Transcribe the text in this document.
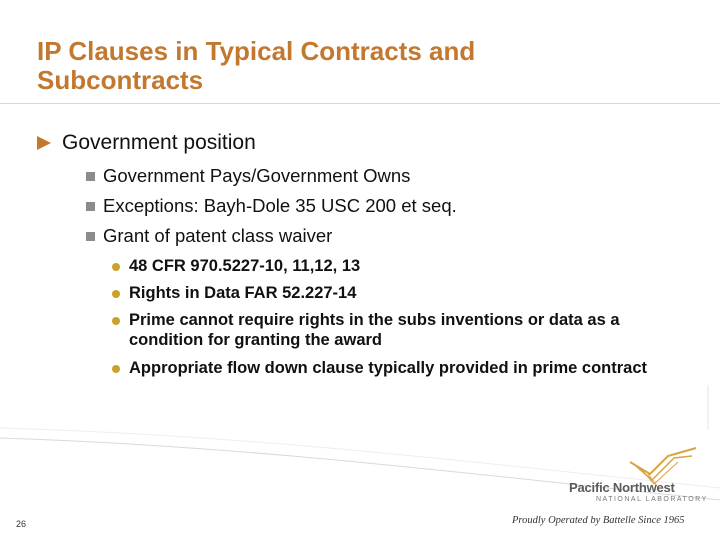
IP Clauses in Typical Contracts and Subcontracts
Government position
Government Pays/Government Owns
Exceptions: Bayh-Dole 35 USC 200 et seq.
Grant of patent class waiver
48 CFR 970.5227-10, 11,12, 13
Rights in Data FAR 52.227-14
Prime cannot require rights in the subs inventions or data as a condition for granting the award
Appropriate flow down clause typically provided in prime contract
Pacific Northwest
NATIONAL LABORATORY
Proudly Operated by Battelle Since 1965
26
